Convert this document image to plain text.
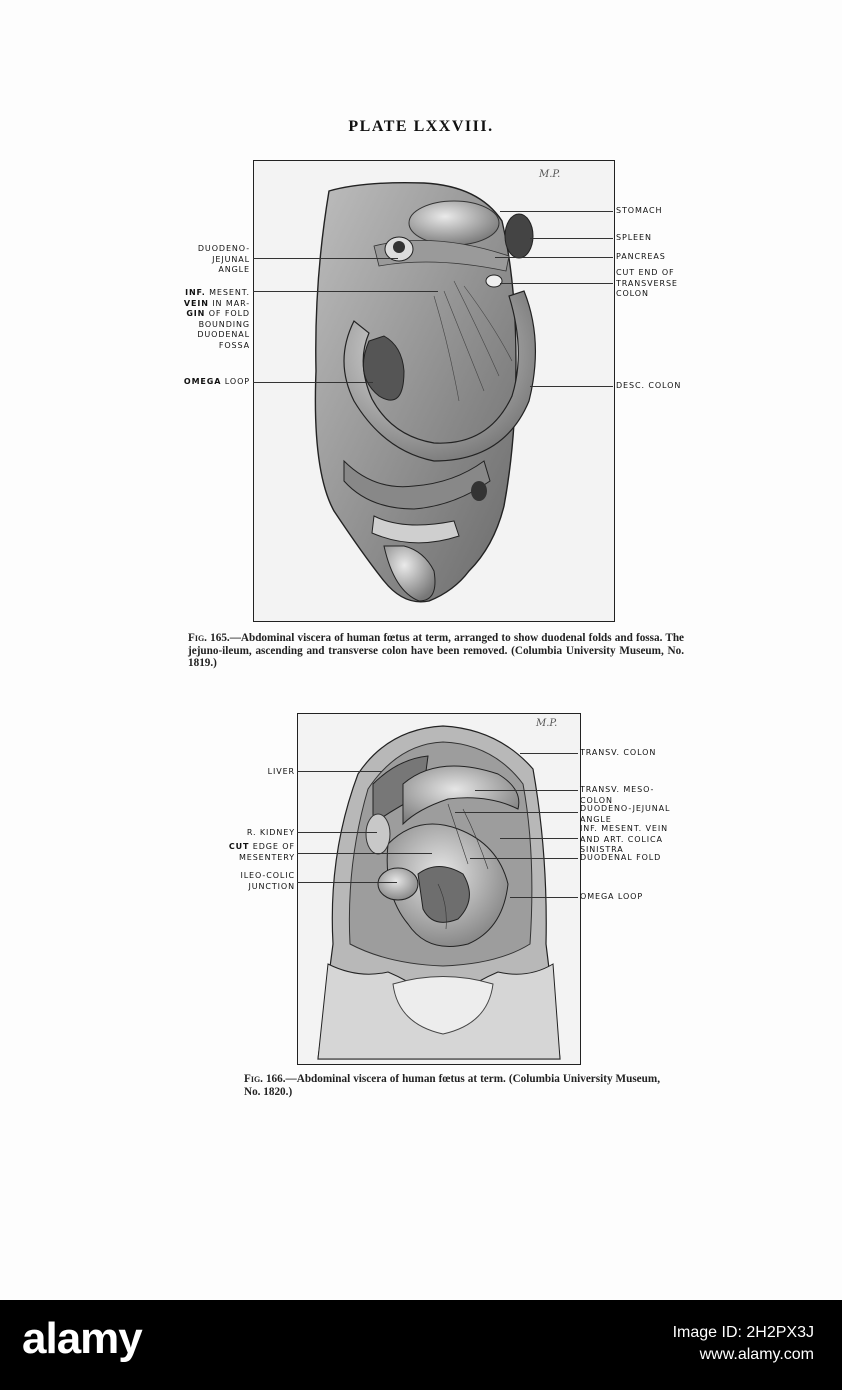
PLATE LXXVIII.
M.P.
STOMACH
SPLEEN
PANCREAS
CUT END OF
TRANSVERSE
COLON
DESC. COLON
DUODENO-
JEJUNAL
ANGLE
INF. MESENT.
VEIN IN MAR-
GIN OF FOLD
BOUNDING
DUODENAL
FOSSA
OMEGA LOOP
Fig. 165.—Abdominal viscera of human fœtus at term, arranged to show duodenal folds and fossa. The jejuno-ileum, ascending and transverse colon have been removed. (Columbia University Museum, No. 1819.)
M.P.
TRANSV. COLON
TRANSV. MESO-
COLON
DUODENO-JEJUNAL
ANGLE
INF. MESENT. VEIN
AND ART. COLICA
SINISTRA
DUODENAL FOLD
OMEGA LOOP
LIVER
R. KIDNEY
CUT EDGE OF
MESENTERY
ILEO-COLIC
JUNCTION
Fig. 166.—Abdominal viscera of human fœtus at term. (Columbia University Museum, No. 1820.)
alamy	Image ID: 2H2PX3J
www.alamy.com
